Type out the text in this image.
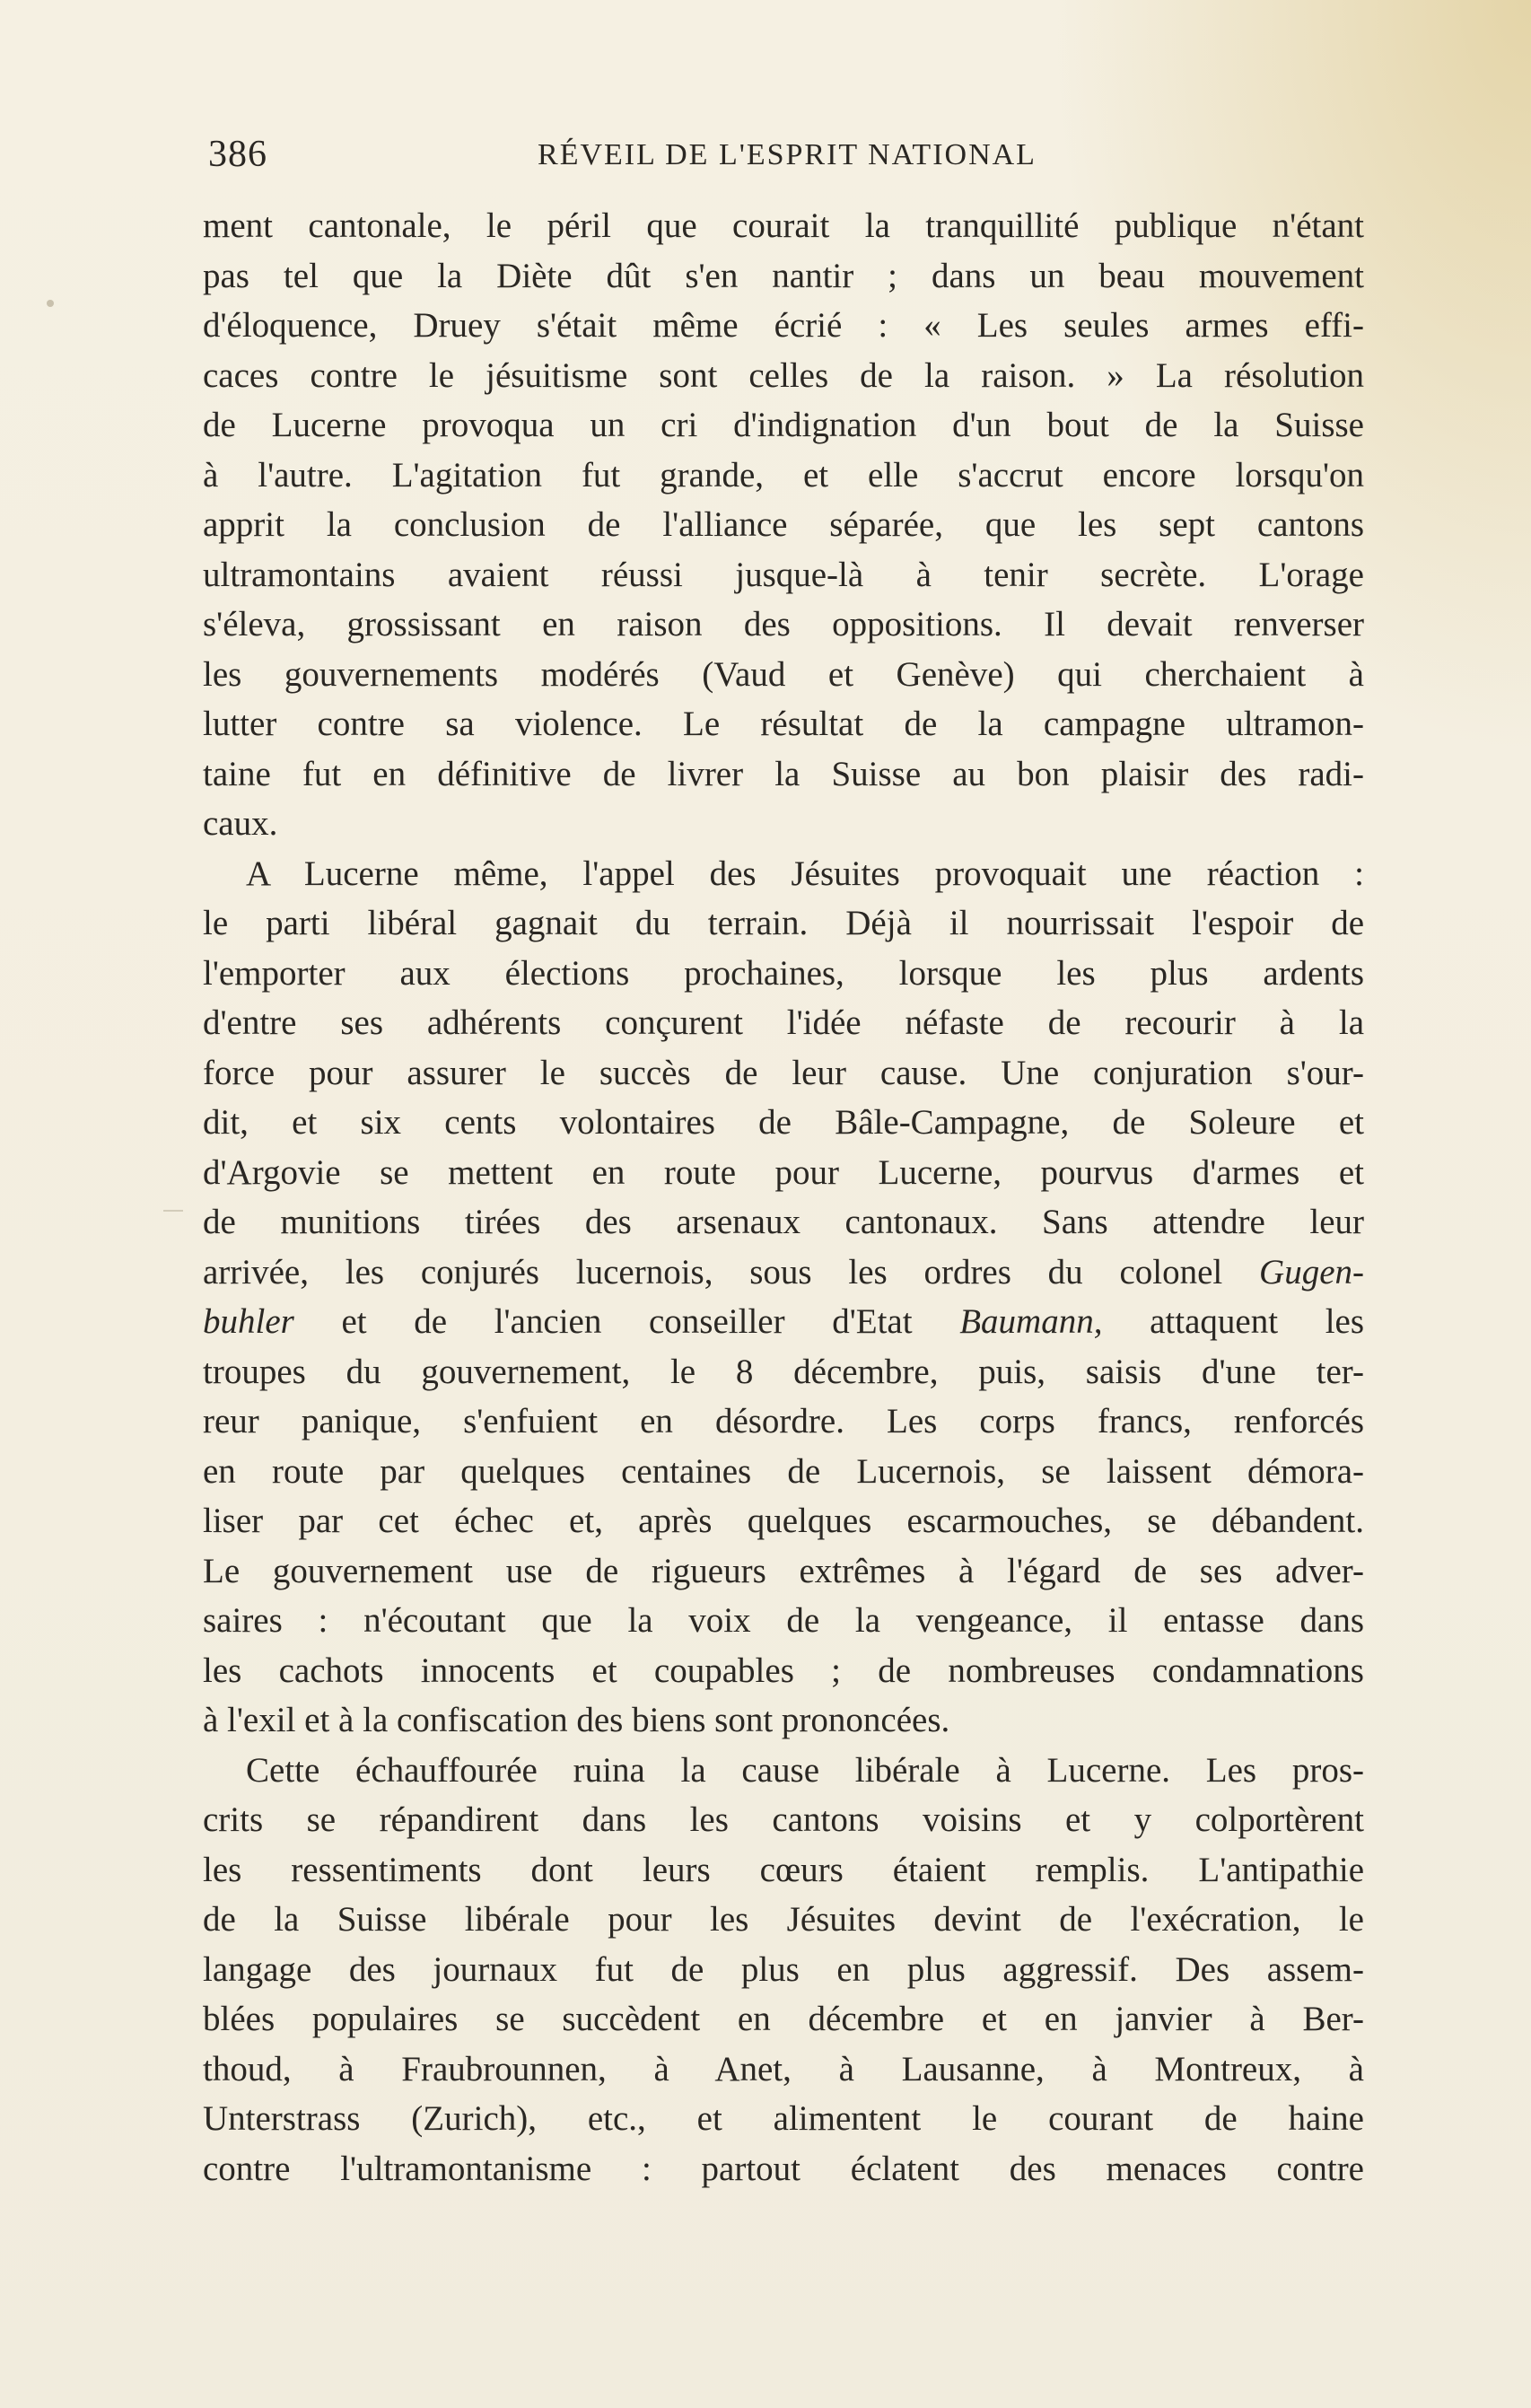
386	RÉVEIL DE L'ESPRIT NATIONAL
ment cantonale, le péril que courait la tranquillité publique n'étant
pas tel que la Diète dût s'en nantir ; dans un beau mouvement
d'éloquence, Druey s'était même écrié : « Les seules armes effi-
caces contre le jésuitisme sont celles de la raison. » La résolution
de Lucerne provoqua un cri d'indignation d'un bout de la Suisse
à l'autre. L'agitation fut grande, et elle s'accrut encore lorsqu'on
apprit la conclusion de l'alliance séparée, que les sept cantons
ultramontains avaient réussi jusque-là à tenir secrète. L'orage
s'éleva, grossissant en raison des oppositions. Il devait renverser
les gouvernements modérés (Vaud et Genève) qui cherchaient à
lutter contre sa violence. Le résultat de la campagne ultramon-
taine fut en définitive de livrer la Suisse au bon plaisir des radi-
caux.
A Lucerne même, l'appel des Jésuites provoquait une réaction :
le parti libéral gagnait du terrain. Déjà il nourrissait l'espoir de
l'emporter aux élections prochaines, lorsque les plus ardents
d'entre ses adhérents conçurent l'idée néfaste de recourir à la
force pour assurer le succès de leur cause. Une conjuration s'our-
dit, et six cents volontaires de Bâle-Campagne, de Soleure et
d'Argovie se mettent en route pour Lucerne, pourvus d'armes et
de munitions tirées des arsenaux cantonaux. Sans attendre leur
arrivée, les conjurés lucernois, sous les ordres du colonel Gugen-
buhler et de l'ancien conseiller d'Etat Baumann, attaquent les
troupes du gouvernement, le 8 décembre, puis, saisis d'une ter-
reur panique, s'enfuient en désordre. Les corps francs, renforcés
en route par quelques centaines de Lucernois, se laissent démora-
liser par cet échec et, après quelques escarmouches, se débandent.
Le gouvernement use de rigueurs extrêmes à l'égard de ses adver-
saires : n'écoutant que la voix de la vengeance, il entasse dans
les cachots innocents et coupables ; de nombreuses condamnations
à l'exil et à la confiscation des biens sont prononcées.
Cette échauffourée ruina la cause libérale à Lucerne. Les pros-
crits se répandirent dans les cantons voisins et y colportèrent
les ressentiments dont leurs cœurs étaient remplis. L'antipathie
de la Suisse libérale pour les Jésuites devint de l'exécration, le
langage des journaux fut de plus en plus aggressif. Des assem-
blées populaires se succèdent en décembre et en janvier à Ber-
thoud, à Fraubrounnen, à Anet, à Lausanne, à Montreux, à
Unterstrass (Zurich), etc., et alimentent le courant de haine
contre l'ultramontanisme : partout éclatent des menaces contre
